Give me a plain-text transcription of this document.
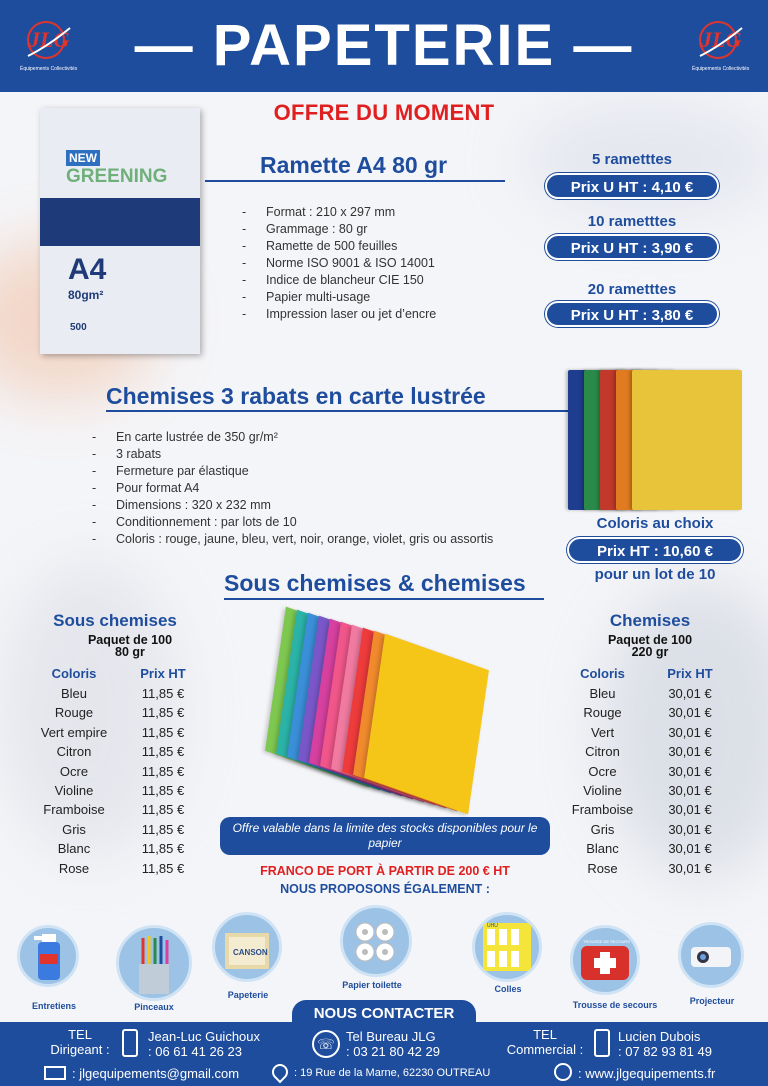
JLG
Équipements Collectivités
JLG
Équipements Collectivités
— PAPETERIE —
OFFRE DU MOMENT
NEW
GREENING
A4
80gm²
500
Ramette A4 80 gr
- Format : 210 x 297 mm
- Grammage : 80 gr
- Ramette de 500 feuilles
- Norme ISO 9001 & ISO 14001
- Indice de blancheur CIE 150
- Papier multi-usage
- Impression laser ou jet d’encre
5 rametttes
Prix U HT : 4,10 €
10 rametttes
Prix U HT : 3,90 €
20 rametttes
Prix U HT : 3,80 €
Chemises 3 rabats en carte lustrée
- En carte lustrée de 350 gr/m²
- 3 rabats
- Fermeture par élastique
- Pour format A4
- Dimensions : 320 x 232 mm
- Conditionnement : par lots de 10
- Coloris : rouge, jaune, bleu, vert, noir, orange, violet, gris ou assortis
Coloris au choix
Prix HT : 10,60 €
pour un lot de 10
Sous chemises & chemises
Sous chemises
Paquet de 100
80 gr
Coloris	Prix HT
Bleu	11,85 €
Rouge	11,85 €
Vert empire	11,85 €
Citron	11,85 €
Ocre	11,85 €
Violine	11,85 €
Framboise	11,85 €
Gris	11,85 €
Blanc	11,85 €
Rose	11,85 €
Chemises
Paquet de 100
220 gr
Coloris	Prix HT
Bleu	30,01 €
Rouge	30,01 €
Vert	30,01 €
Citron	30,01 €
Ocre	30,01 €
Violine	30,01 €
Framboise	30,01 €
Gris	30,01 €
Blanc	30,01 €
Rose	30,01 €
Offre valable dans la limite des stocks disponibles pour le papier
FRANCO DE PORT À PARTIR DE 200 € HT
NOUS PROPOSONS ÉGALEMENT :
Entretiens	Pinceaux
CANSON
Papeterie
Papier toilette
UHU
Colles
TROUSSE DE SECOURS
Trousse de secours	Projecteur
NOUS CONTACTER
TEL
Dirigeant :
Jean-Luc Guichoux
: 06 61 41 26 23	☏ Tel Bureau JLG
: 03 21 80 42 29
TEL
Commercial :
Lucien Dubois
: 07 82 93 81 49
: jlgequipements@gmail.com	: 19 Rue de la Marne, 62230 OUTREAU	: www.jlgequipements.fr
